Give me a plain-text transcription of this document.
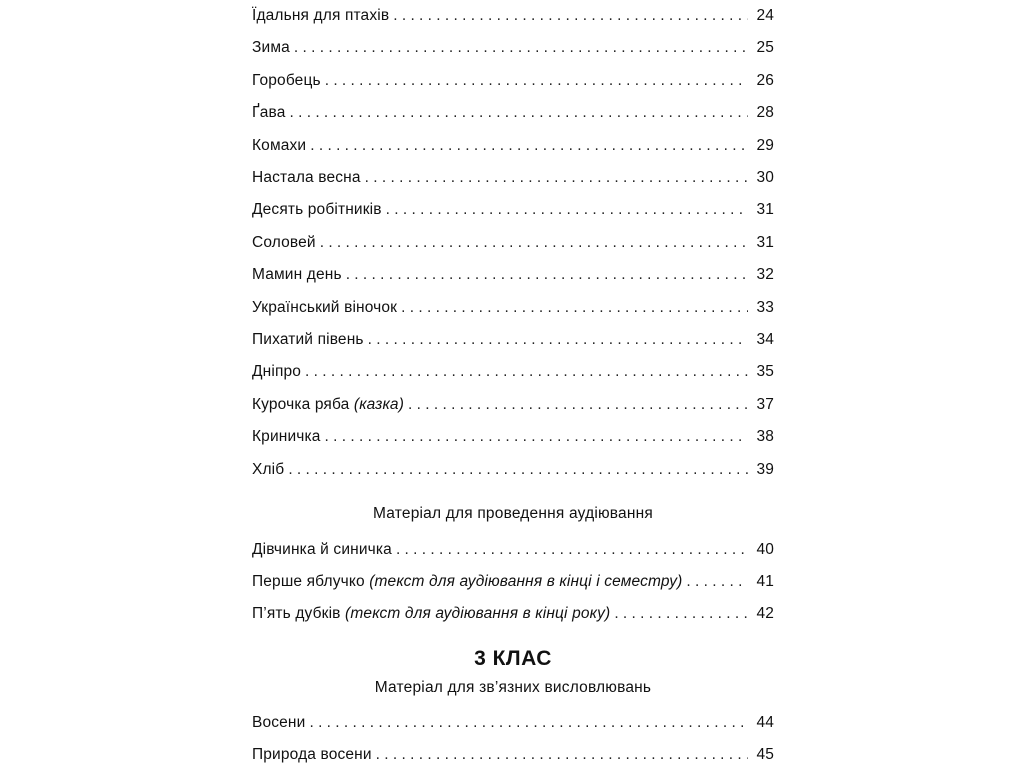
Їдальня для птахів . . .	24
Зима . . .	25
Горобець . . .	26
Ґава . . .	28
Комахи . . .	29
Настала весна . . .	30
Десять робітників . . .	31
Соловей . . .	31
Мамин день . . .	32
Український віночок . . .	33
Пихатий півень . . .	34
Дніпро . . .	35
Курочка ряба (казка) . . .	37
Криничка . . .	38
Хліб . . .	39
Матеріал для проведення аудіювання
Дівчинка й синичка . . .	40
Перше яблучко (текст для аудіювання в кінці і семестру) . . .	41
П’ять дубків (текст для аудіювання в кінці року) . . .	42
3 КЛАС
Матеріал для зв’язних висловлювань
Восени . . .	44
Природа восени . . .	45
